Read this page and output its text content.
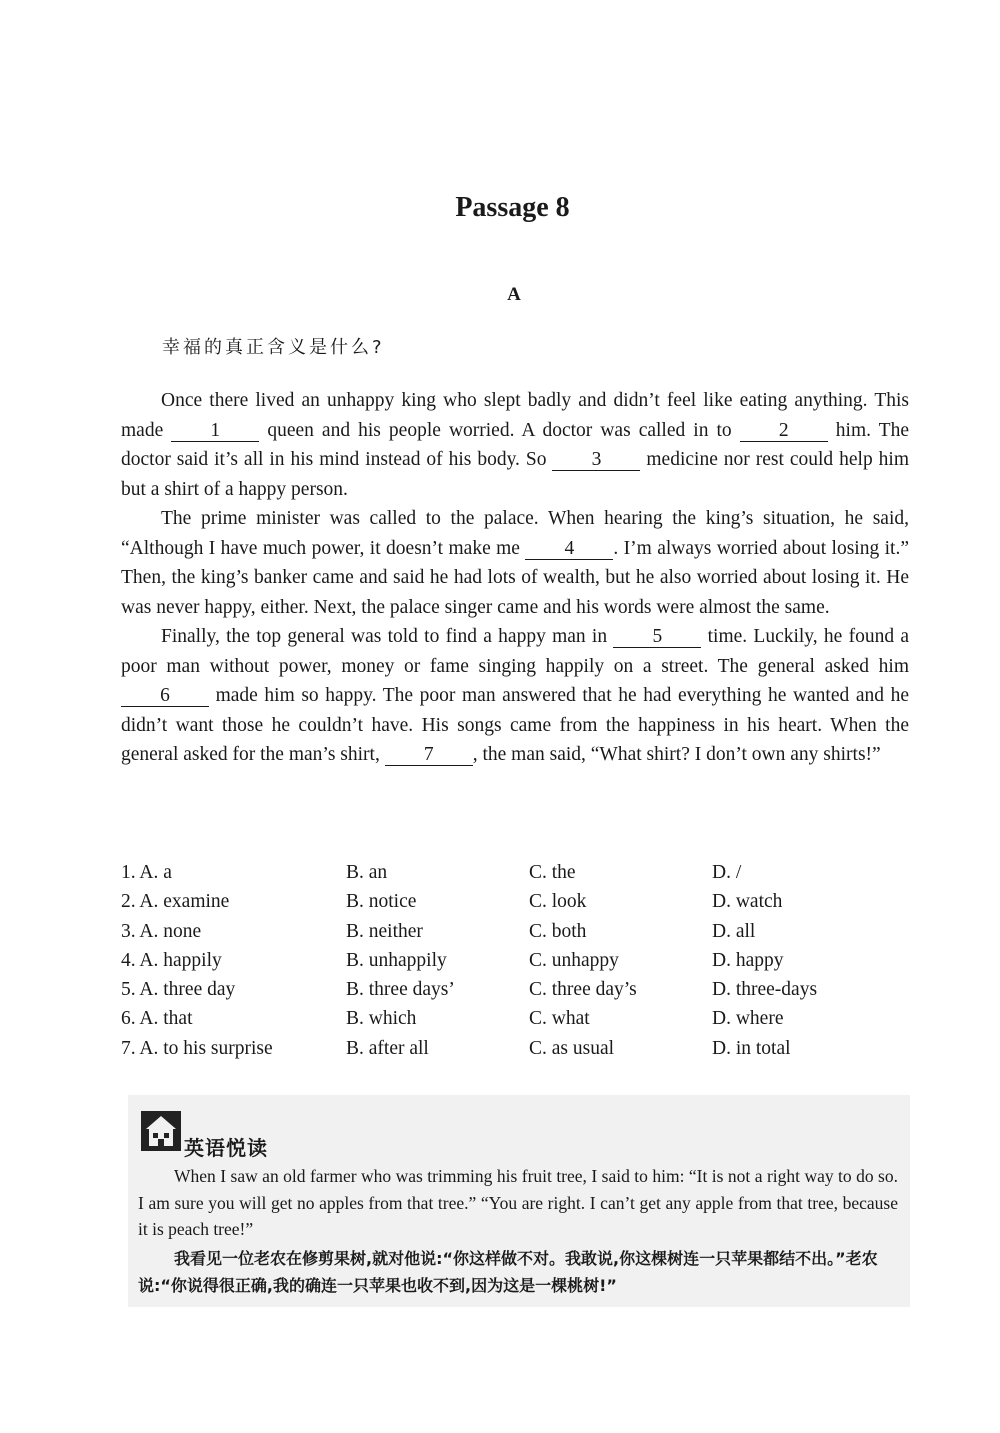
Passage 8
A
幸福的真正含义是什么?

Once there lived an unhappy king who slept badly and didn’t feel like eating anything. This made 1 queen and his people worried. A doctor was called in to 2 him. The doctor said it’s all in his mind instead of his body. So 3 medicine nor rest could help him but a shirt of a happy person.

The prime minister was called to the palace. When hearing the king’s situation, he said, “Although I have much power, it doesn’t make me 4 . I’m always worried about losing it.” Then, the king’s banker came and said he had lots of wealth, but he also worried about losing it. He was never happy, either. Next, the palace singer came and his words were almost the same.

Finally, the top general was told to find a happy man in 5 time. Luckily, he found a poor man without power, money or fame singing happily on a street. The general asked him 6 made him so happy. The poor man answered that he had everything he wanted and he didn’t want those he couldn’t have. His songs came from the happiness in his heart. When the general asked for the man’s shirt, 7 , the man said, “What shirt? I don’t own any shirts!”

1. A. a	B. an	C. the	D. /
2. A. examine	B. notice	C. look	D. watch
3. A. none	B. neither	C. both	D. all
4. A. happily	B. unhappily	C. unhappy	D. happy
5. A. three day	B. three days’	C. three day’s	D. three-days
6. A. that	B. which	C. what	D. where
7. A. to his surprise	B. after all	C. as usual	D. in total
英语悦读
When I saw an old farmer who was trimming his fruit tree, I said to him: “It is not a right way to do so. I am sure you will get no apples from that tree.” “You are right. I can’t get any apple from that tree, because it is peach tree!”
我看见一位老农在修剪果树,就对他说:“你这样做不对。我敢说,你这棵树连一只苹果都结不出。”老农说:“你说得很正确,我的确连一只苹果也收不到,因为这是一棵桃树!”
